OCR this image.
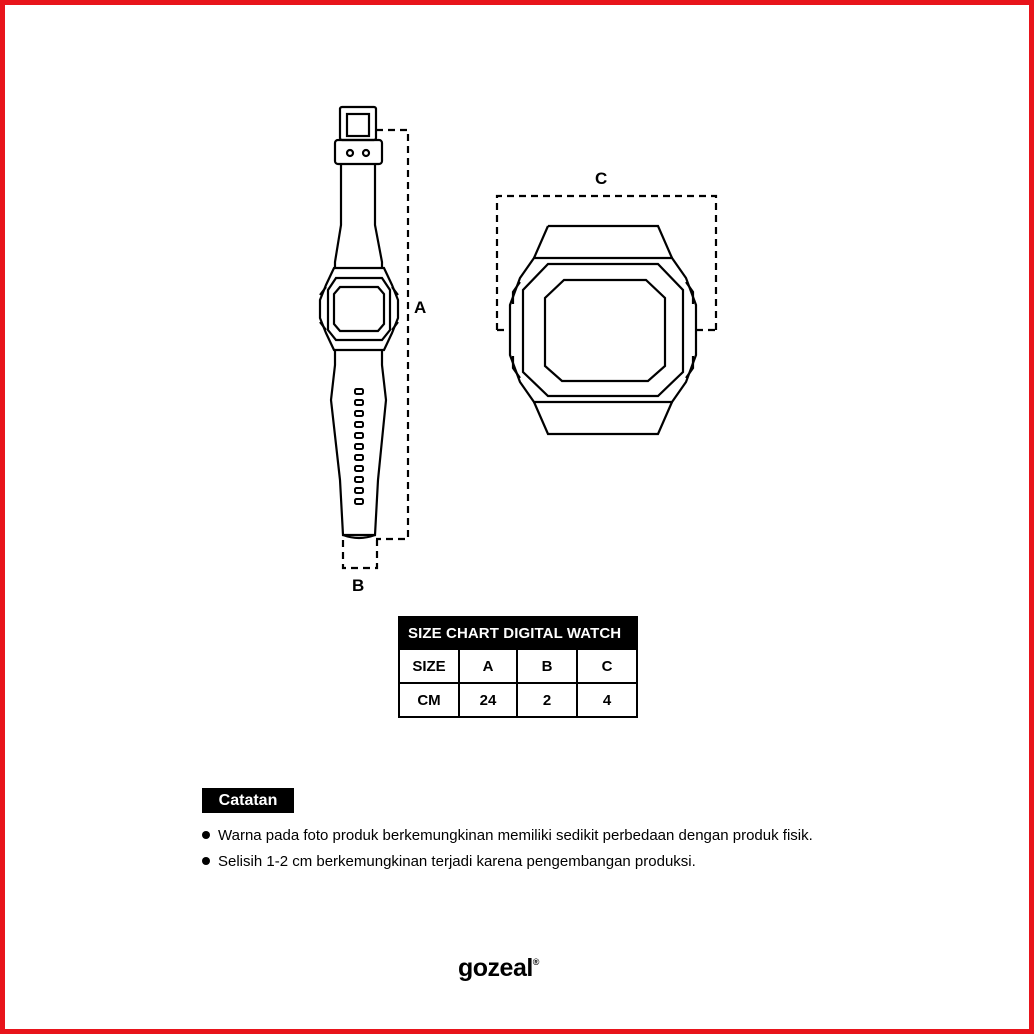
A
B
C
SIZE CHART DIGITAL WATCH			
SIZE	A	B	C
CM	24	2	4
Catatan
Warna pada foto produk berkemungkinan memiliki sedikit perbedaan dengan produk fisik.
Selisih 1-2 cm berkemungkinan terjadi karena pengembangan produksi.
gozeal®
